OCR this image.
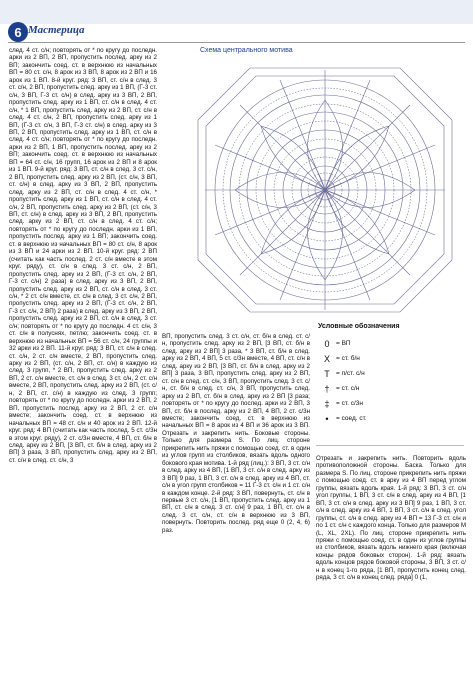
6 Мастерица
след. 4 ст. с/н; повторять от * по кругу до последн. арки из 2 ВП, 2 ВП, пропустить послед. арку из 2 ВП; закончить соед. ст. в верхнюю из начальных ВП = 80 ст. с/н, 8 арок из 3 ВП, 8 арок из 2 ВП и 16 арок из 1 ВП. 8-й круг. ряд: 3 ВП, ст. с/н в след. 3 ст. с/н, 2 ВП, пропустить след. арку из 1 ВП, (Г-3 ст. с/н, 3 ВП, Г-3 ст. с/н) в след. арку из 3 ВП, 2 ВП, пропустить след. арку из 1 ВП, ст. с/н в след. 4 ст. с/н, * 1 ВП, пропустить след. арку из 2 ВП, ст. с/н в след. 4 ст. с/н, 2 ВП, пропустить след. арку из 1 ВП, (Г-3 ст. с/н, 3 ВП, Г-3 ст. с/н) в след. арку из 3 ВП, 2 ВП, пропустить след. арку из 1 ВП, ст. с/н в след. 4 ст. с/н; повторять от * по кругу до последн. арки из 2 ВП, 1 ВП, пропустить послед. арку из 2 ВП; закончить соед. ст. в верхнюю из начальных ВП = 64 ст. с/н, 16 групп, 16 арок из 2 ВП и 8 арок из 1 ВП. 9-й круг. ряд: 3 ВП, ст. с/н в след. 3 ст. с/н, 2 ВП, пропустить след. арку из 2 ВП, (ст. с/н, 3 ВП, ст. с/н) в след. арку из 3 ВП, 2 ВП, пропустить след. арку из 2 ВП, ст. с/н в след. 4 ст. с/н, * пропустить след. арку из 1 ВП, ст. с/н в след. 4 ст. с/н, 2 ВП, пропустить след. арку из 2 ВП, (ст. с/н, 3 ВП, ст. с/н) в след. арку из 3 ВП, 2 ВП, пропустить след. арку из 2 ВП, ст. с/н в след. 4 ст. с/н; повторять от * по кругу до последн. арки из 1 ВП, пропустить послед. арку из 1 ВП; закончить соед. ст. в верхнюю из начальных ВП = 80 ст. с/н, 8 арок из 3 ВП и 24 арки из 2 ВП. 10-й круг. ряд: 2 ВП (считать как часть послед. 2 ст. с/н вместе в этом круг. ряду), ст. с/н в след. 3 ст. с/н, 2 ВП, пропустить след. арку из 2 ВП, (Г-3 ст. с/н, 2 ВП, Г-3 ст. с/н) 2 раза) в след. арку из 3 ВП, 2 ВП, пропустить след. арку из 2 ВП, ст. с/н в след. 3 ст. с/н, * 2 ст. с/н вместе, ст. с/н в след. 3 ст. с/н, 2 ВП, пропустить след. арку из 2 ВП, (Г-3 ст. с/н, 2 ВП, Г-3 ст. с/н, 2 ВП) 2 раза) в след. арку из 3 ВП, 2 ВП, пропустить след. арку из 2 ВП, ст. с/н в след. 3 ст. с/н; повторять от * по кругу до последн. 4 ст. с/н, 3 ст. с/н в полуснях, петлю; закончить соед. ст. в верхнюю из начальных ВП = 56 ст. с/н, 24 группы и 32 арки из 2 ВП. 11-й круг. ряд: 3 ВП, ст. с/н в след. ст. с/н, 2 ст. с/н вместе, 2 ВП, пропустить след. арку из 2 ВП, (ст. с/н, 2 ВП, ст. с/н) в каждую из след. 3 групп, * 2 ВП, пропустить след. арку из 2 ВП, 2 ст. с/н вместе, ст. с/н в след. 3 ст. с/н, 2 ст. с/н вместе, 2 ВП, пропустить след. арку из 2 ВП, (ст. с/н, 2 ВП, ст. с/н) в каждую из след. 3 групп; повторять от * по кругу до последн. арки из 2 ВП, 2 ВП, пропустить послед. арку из 2 ВП, 2 ст. с/н вместе; закончить соед. ст. в верхнюю из начальных ВП = 48 ст. с/н и 40 арок из 2 ВП. 12-й круг. ряд: 4 ВП (считать как часть послед. 5 ст. с/3н в этом круг. ряду), 2 ст. с/3н вместе, 4 ВП, ст. б/н в след. арку из 2 ВП, [3 ВП, ст. б/н в след. арку из 2 ВП] 3 раза, 3 ВП, пропустить след. арку из 2 ВП, ст. с/н в след. ст. с/н, 3
Схема центрального мотива
ВП, пропустить след. 3 ст. с/н, ст. б/н в след. ст. с/н, пропустить след. арку из 2 ВП, [3 ВП, ст. б/н в след. арку из 2 ВП] 3 раза, * 3 ВП, ст. б/н в след. арку из 2 ВП, 4 ВП, 5 ст. с/3н вместе, 4 ВП, ст. с/н в след. арку из 2 ВП, [3 ВП, ст. б/н в след. арку из 2 ВП] 3 раза, 3 ВП, пропустить след. арку из 2 ВП, ст. с/н в след. ст. с/н, 3 ВП, пропустить след. 3 ст. с/н, ст. б/н в след. ст. с/н, 3 ВП, пропустить след. арку из 2 ВП, ст. б/н в след. арку из 2 ВП [3 раза; повторять от * по кругу до послед. арки из 2 ВП, 3 ВП, ст. б/н в послед. арку из 2 ВП, 4 ВП, 2 ст. с/3н вместе; закончить соед. ст. в верхнюю из начальных ВП = 8 арок из 4 ВП и 36 арок из 3 ВП. Отрезать и закрепить нить. Боковые стороны. Только для размера S. По лиц. стороне прикрепить нить пряжи с помощью соед. ст. в один из углов групп из столбиков, вязать вдоль одного бокового края мотива. 1-й ряд (лиц.): 3 ВП, 3 ст. с/н в след. арку из 4 ВП, [1 ВП, 3 ст. с/н в след. арку из 3 ВП] 9 раз, 1 ВП, 3 ст. с/н в след. арку из 4 ВП, ст. с/н в угол групп столбиков = 11 Г-3 ст. с/н и 1 ст. с/н в каждом конце. 2-й ряд: 3 ВП, повернуть, ст. с/н в первые 3 ст. с/н, [1 ВП, пропустить след. арку из 1 ВП, ст. с/н в след. 3 ст. с/н] 9 раз, 1 ВП, ст. с/н в след. 3 ст. с/н, ст. с/н в верхнюю из 3 ВП, повернуть. Повторить послед. ряд еще 0 (2, 4, 6) раз.
Условные обозначения
0	= ВП
X = ст. б/н
T = п/ст. с/н
†	= ст. с/н
‡	= ст. с/3н
•	= соед. ст.
Отрезать и закрепить нить. Повторить вдоль противоположной стороны. Баска. Только для размера S. По лиц. стороне прикрепить нить пряжи с помощью соед. ст. в арку из 4 ВП перед углом группы, вязать вдоль края. 1-й ряд: 3 ВП, 3 ст. с/н угол группы, 1 ВП, 3 ст. с/н в след. арку из 4 ВП, [1 ВП, 3 ст. с/н в след. арку из 3 ВП] 9 раз, 1 ВП, 3 ст. с/н в след. арку из 4 ВП, 1 ВП, 3 ст. с/н в след. угол группы, ст. с/н в след. арку из 4 ВП = 13 Г-3 ст. с/н и по 1 ст. с/н с каждого конца. Только для размеров M (L, XL, 2XL). По лиц. стороне прикрепить нить пряжи с помощью соед. ст. в один из углов группы из столбиков, вязать вдоль нижнего края (включая концы рядов боковых сторон). 1-й ряд: вязать вдоль концов рядов боковой стороны, 3 ВП, 3 ст. с/н в конец 1-го ряда, [1 ВП, пропустить конец след. ряда, 3 ст. с/н в конец след. ряда] 0 (1,
